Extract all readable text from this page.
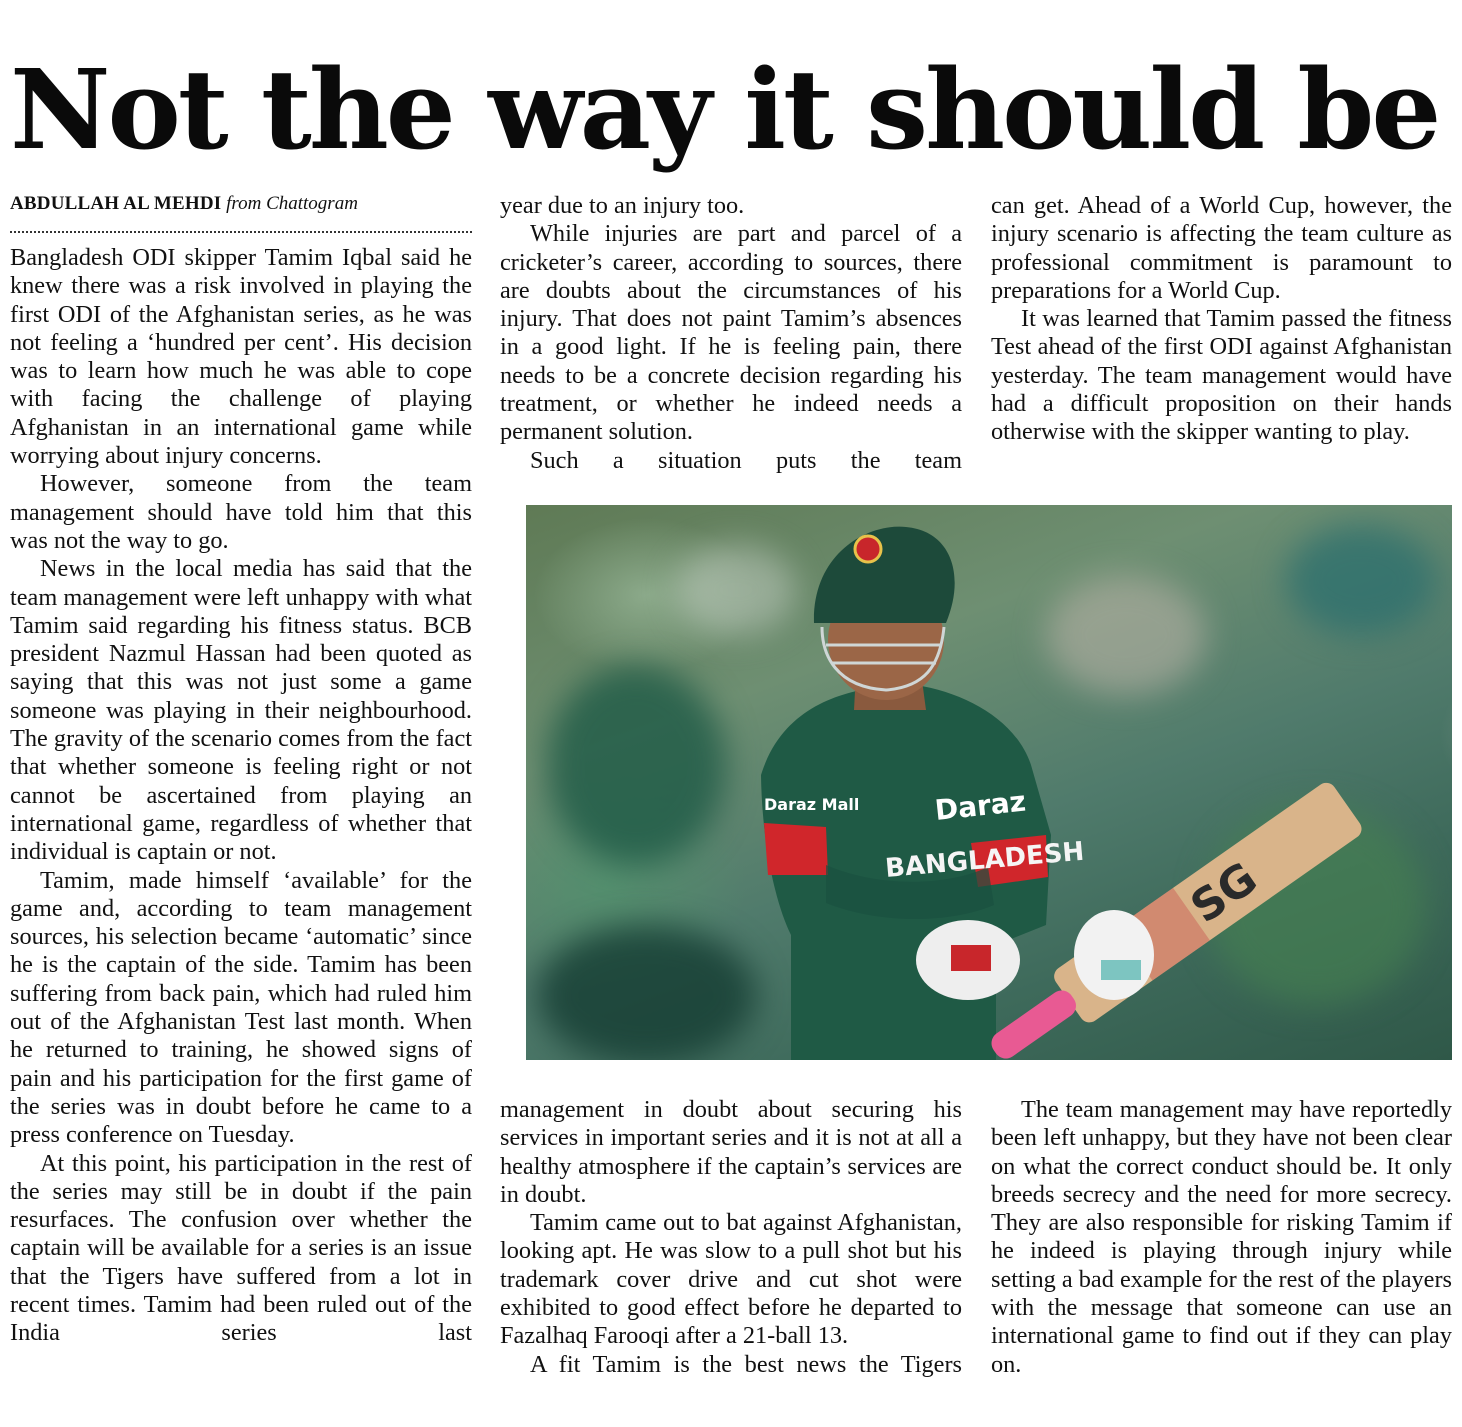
Not the way it should be
ABDULLAH AL MEHDI from Chattogram

Bangladesh ODI skipper Tamim Iqbal said he knew there was a risk involved in playing the first ODI of the Afghanistan series, as he was not feeling a ‘hundred per cent’. His decision was to learn how much he was able to cope with facing the challenge of playing Afghanistan in an international game while worrying about injury concerns.

However, someone from the team management should have told him that this was not the way to go.

News in the local media has said that the team management were left unhappy with what Tamim said regarding his fitness status. BCB president Nazmul Hassan had been quoted as saying that this was not just some a game someone was playing in their neighbourhood. The gravity of the scenario comes from the fact that whether someone is feeling right or not cannot be ascertained from playing an international game, regardless of whether that individual is captain or not.

Tamim, made himself ‘available’ for the game and, according to team management sources, his selection became ‘automatic’ since he is the captain of the side. Tamim has been suffering from back pain, which had ruled him out of the Afghanistan Test last month. When he returned to training, he showed signs of pain and his participation for the first game of the series was in doubt before he came to a press conference on Tuesday.

At this point, his participation in the rest of the series may still be in doubt if the pain resurfaces. The confusion over whether the captain will be available for a series is an issue that the Tigers have suffered from a lot in recent times. Tamim had been ruled out of the India series last

year due to an injury too.

While injuries are part and parcel of a cricketer’s career, according to sources, there are doubts about the circumstances of his injury. That does not paint Tamim’s absences in a good light. If he is feeling pain, there needs to be a concrete decision regarding his treatment, or whether he indeed needs a permanent solution.

Such a situation puts the team

can get. Ahead of a World Cup, however, the injury scenario is affecting the team culture as professional commitment is paramount to preparations for a World Cup.

It was learned that Tamim passed the fitness Test ahead of the first ODI against Afghanistan yesterday. The team management would have had a difficult proposition on their hands otherwise with the skipper wanting to play.

SG
Daraz
BANGLADESH
Daraz Mall

management in doubt about securing his services in important series and it is not at all a healthy atmosphere if the captain’s services are in doubt.

Tamim came out to bat against Afghanistan, looking apt. He was slow to a pull shot but his trademark cover drive and cut shot were exhibited to good effect before he departed to Fazalhaq Farooqi after a 21-ball 13.

A fit Tamim is the best news the Tigers

The team management may have reportedly been left unhappy, but they have not been clear on what the correct conduct should be. It only breeds secrecy and the need for more secrecy. They are also responsible for risking Tamim if he indeed is playing through injury while setting a bad example for the rest of the players with the message that someone can use an international game to find out if they can play on.
